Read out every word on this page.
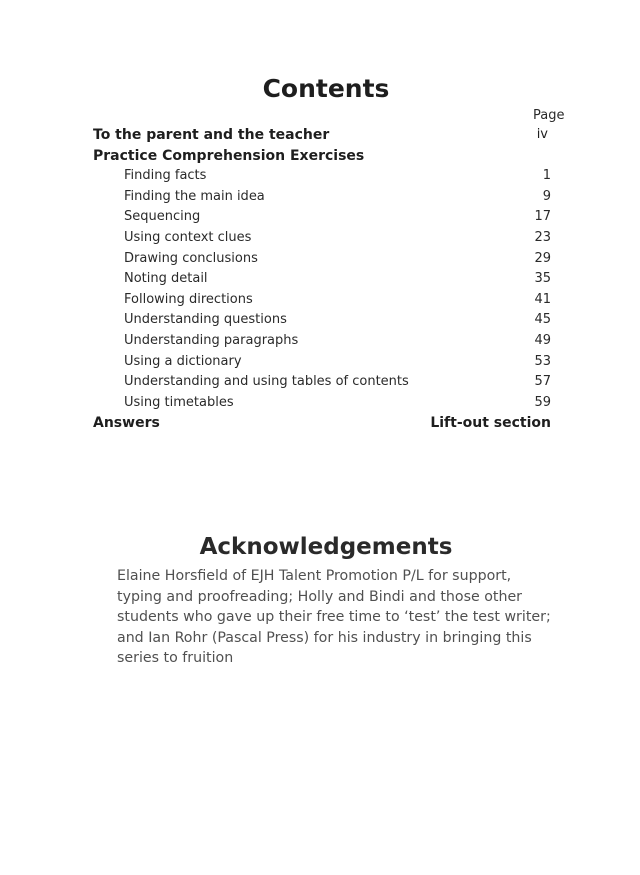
Contents
Page
To the parent and the teacher	iv
Practice Comprehension Exercises
Finding facts	1
Finding the main idea	9
Sequencing	17
Using context clues	23
Drawing conclusions	29
Noting detail	35
Following directions	41
Understanding questions	45
Understanding paragraphs	49
Using a dictionary	53
Understanding and using tables of contents	57
Using timetables	59
Answers	Lift-out section
Acknowledgements
Elaine Horsfield of EJH Talent Promotion P/L for support,
typing and proofreading; Holly and Bindi and those other
students who gave up their free time to ‘test’ the test writer;
and Ian Rohr (Pascal Press) for his industry in bringing this
series to fruition
